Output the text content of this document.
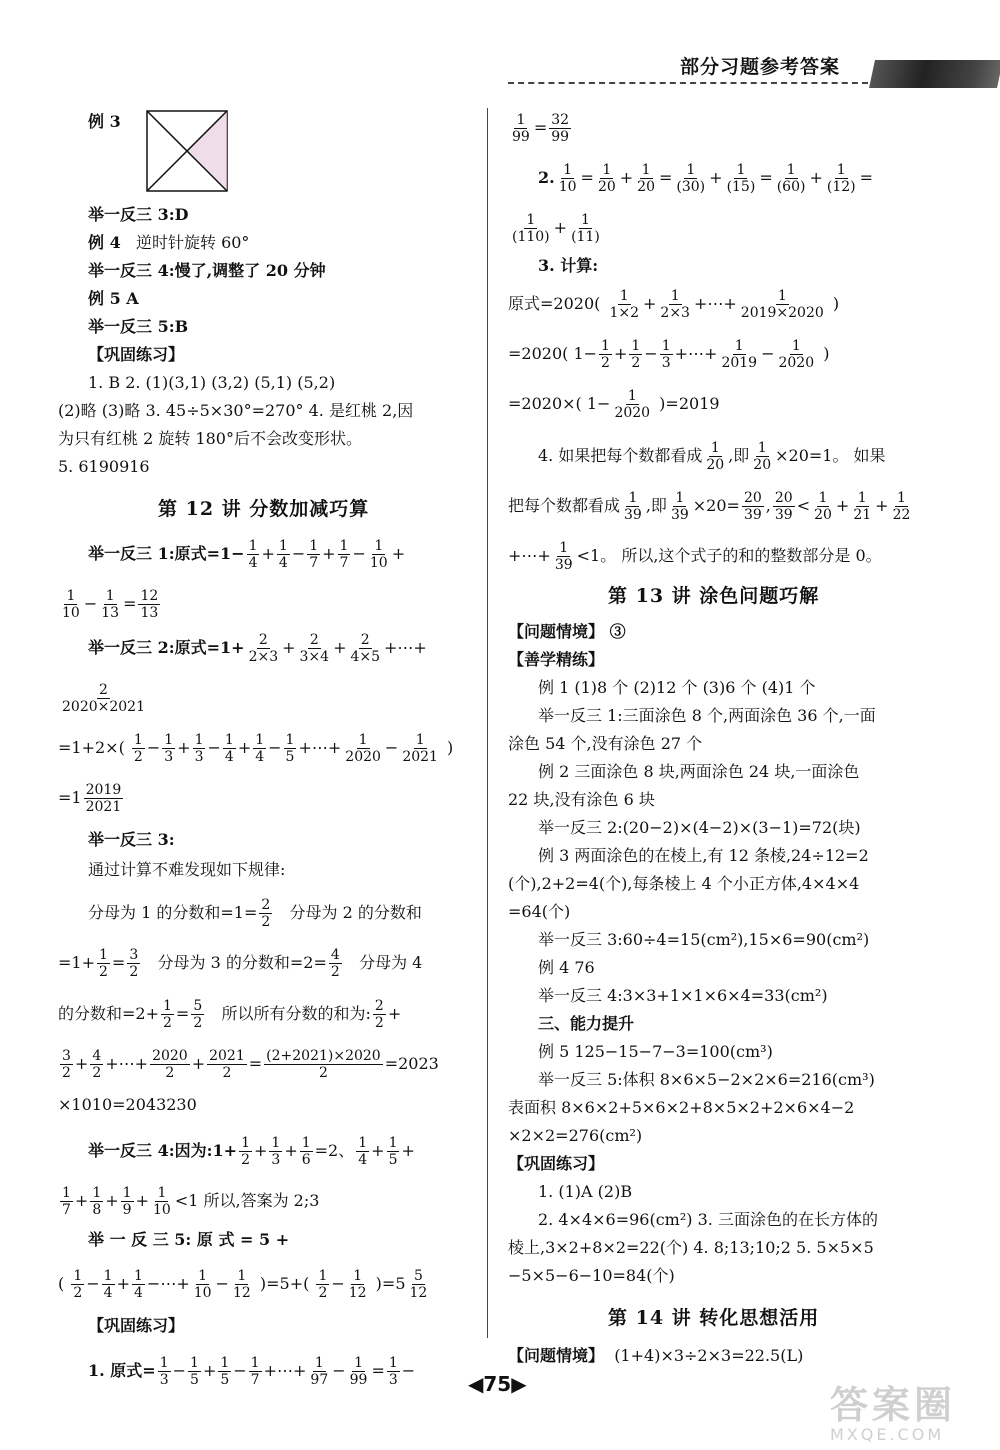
部分习题参考答案
例 3
举一反三 3:D
例 4 逆时针旋转 60°
举一反三 4:慢了,调整了 20 分钟
例 5 A
举一反三 5:B
【巩固练习】
1. B 2. (1)(3,1) (3,2) (5,1) (5,2)
(2)略 (3)略 3. 45÷5×30°=270° 4. 是红桃 2,因
为只有红桃 2 旋转 180°后不会改变形状。
5. 6190916
第 12 讲 分数加减巧算
举一反三 1:原式$=1- \frac{1}{4} + \frac{1}{4} - \frac{1}{7} + \frac{1}{7} - \frac{1}{10}$ +
$\frac{1}{10} - \frac{1}{13} = \frac{12}{13}$
举一反三 2:原式$=1+ \frac{2}{2\times 3} + \frac{2}{3\times 4} + \frac{2}{4\times 5}$ +⋯+
$\frac{2}{2020\times 2021}$
$=1+2\times( \frac{1}{2} - \frac{1}{3} + \frac{1}{3} - \frac{1}{4} + \frac{1}{4} - \frac{1}{5}$ +⋯+ $\frac{1}{2020} - \frac{1}{2021}$ )
$=1 \frac{2019}{2021}$
举一反三 3:
通过计算不难发现如下规律:
分母为 1 的分数和$=1= \frac{2}{2}$ 分母为 2 的分数和
$=1+ \frac{1}{2} = \frac{3}{2}$ 分母为 3 的分数和$=2= \frac{4}{2}$ 分母为 4
的分数和$=2+ \frac{1}{2} = \frac{5}{2}$ 所以所有分数的和为: $\frac{2}{2}$ +
$\frac{3}{2} + \frac{4}{2}$ +⋯+ $\frac{2020}{2} + \frac{2021}{2} = \frac{(2+2021)\times 2020}{2} =2023$
×1010=2043230
举一反三 4:因为:1+ $\frac{1}{2} + \frac{1}{3} + \frac{1}{6} =2$、 $\frac{1}{4} + \frac{1}{5}$ +
$\frac{1}{7} + \frac{1}{8} + \frac{1}{9} + \frac{1}{10} <1$ 所以,答案为 2;3
举 一 反 三 5: 原 式 = 5 +
( $\frac{1}{2} - \frac{1}{4} + \frac{1}{4}$ −⋯+ $\frac{1}{10} - \frac{1}{12} )=5+( \frac{1}{2} - \frac{1}{12} )=5 \frac{5}{12}$
【巩固练习】
1. 原式= $\frac{1}{3} - \frac{1}{5} + \frac{1}{5} - \frac{1}{7}$ +⋯+ $\frac{1}{97} - \frac{1}{99} = \frac{1}{3}$ −
$\frac{1}{99} = \frac{32}{99}$
2. $\frac{1}{10} = \frac{1}{20} + \frac{1}{20} = \frac{1}{(30)} + \frac{1}{(15)} = \frac{1}{(60)} + \frac{1}{(12)}$ =
$\frac{1}{(110)} + \frac{1}{(11)}$
3. 计算:
原式$=2020( \frac{1}{1\times 2} + \frac{1}{2\times 3}$ +⋯+ $\frac{1}{2019\times 2020}$ )
=2020( $1- \frac{1}{2} + \frac{1}{2} - \frac{1}{3}$ +⋯+ $\frac{1}{2019} - \frac{1}{2020}$ )
=2020×( $1- \frac{1}{2020} )=2019$
4. 如果把每个数都看成 $\frac{1}{20}$ ,即 $\frac{1}{20} \times 20=1$。 如果
把每个数都看成 $\frac{1}{39}$ ,即 $\frac{1}{39} \times 20= \frac{20}{39}$ , $\frac{20}{39} < \frac{1}{20} + \frac{1}{21} + \frac{1}{22}$
+⋯+ $\frac{1}{39} <1$。 所以,这个式子的和的整数部分是 0。
第 13 讲 涂色问题巧解
【问题情境】 ③
【善学精练】
例 1 (1)8 个 (2)12 个 (3)6 个 (4)1 个
举一反三 1:三面涂色 8 个,两面涂色 36 个,一面
涂色 54 个,没有涂色 27 个
例 2 三面涂色 8 块,两面涂色 24 块,一面涂色
22 块,没有涂色 6 块
举一反三 2:(20−2)×(4−2)×(3−1)=72(块)
例 3 两面涂色的在棱上,有 12 条棱,24÷12=2
(个),2+2=4(个),每条棱上 4 个小正方体,4×4×4
=64(个)
举一反三 3:60÷4=15(cm²),15×6=90(cm²)
例 4 76
举一反三 4:3×3+1×1×6×4=33(cm²)
三、能力提升
例 5 125−15−7−3=100(cm³)
举一反三 5:体积 8×6×5−2×2×6=216(cm³)
表面积 8×6×2+5×6×2+8×5×2+2×6×4−2
×2×2=276(cm²)
【巩固练习】
1. (1)A (2)B
2. 4×4×6=96(cm²) 3. 三面涂色的在长方体的
棱上,3×2+8×2=22(个) 4. 8;13;10;2 5. 5×5×5
−5×5−6−10=84(个)
第 14 讲 转化思想活用
【问题情境】 (1+4)×3÷2×3=22.5(L)
◀75▶	答案圈
MXQE.COM
